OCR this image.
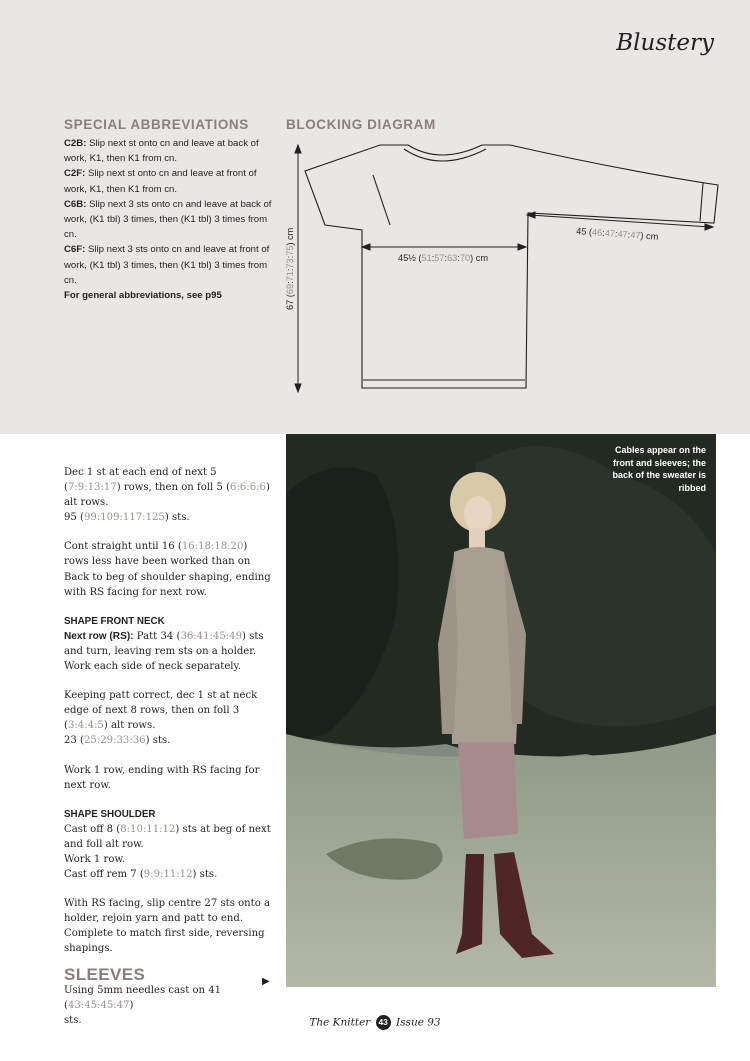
Blustery
SPECIAL ABBREVIATIONS

C2B: Slip next st onto cn and leave at back of work, K1, then K1 from cn.

C2F: Slip next st onto cn and leave at front of work, K1, then K1 from cn.

C6B: Slip next 3 sts onto cn and leave at back of work, (K1 tbl) 3 times, then (K1 tbl) 3 times from cn.

C6F: Slip next 3 sts onto cn and leave at front of work, (K1 tbl) 3 times, then (K1 tbl) 3 times from cn.

For general abbreviations, see p95

BLOCKING DIAGRAM
67 (69:71:73:75) cm
45½ (51:57:63:70) cm
45 (46:47:47:47) cm

Dec 1 st at each end of next 5 (7:9:13:17) rows, then on foll 5 (6:6:6:6) alt rows.
95 (99:109:117:125) sts.

Cont straight until 16 (16:18:18:20) rows less have been worked than on Back to beg of shoulder shaping, ending with RS facing for next row.

SHAPE FRONT NECK

Next row (RS): Patt 34 (36:41:45:49) sts and turn, leaving rem sts on a holder. Work each side of neck separately.

Keeping patt correct, dec 1 st at neck edge of next 8 rows, then on foll 3 (3:4:4:5) alt rows.
23 (25:29:33:36) sts.

Work 1 row, ending with RS facing for next row.

SHAPE SHOULDER

Cast off 8 (8:10:11:12) sts at beg of next and foll alt row.
Work 1 row.
Cast off rem 7 (9:9:11:12) sts.

With RS facing, slip centre 27 sts onto a holder, rejoin yarn and patt to end. Complete to match first side, reversing shapings.

SLEEVES

Using 5mm needles cast on 41 (43:45:45:47)
sts.

▶
Cables appear on the front and sleeves; the back of the sweater is ribbed
The Knitter 43 Issue 93
